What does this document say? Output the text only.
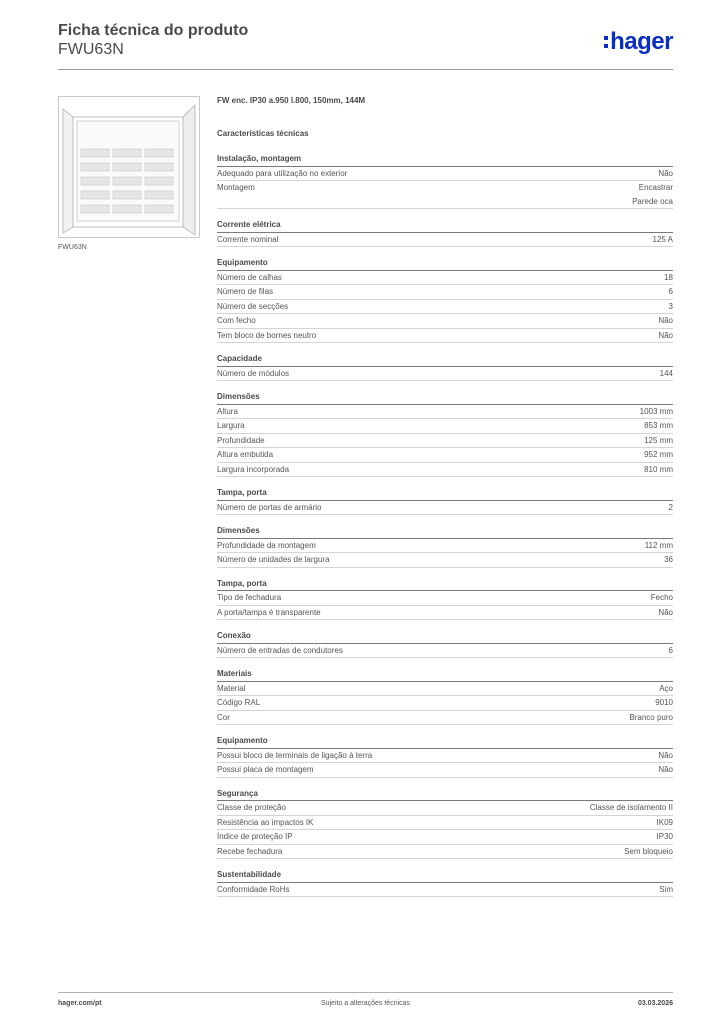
Ficha técnica do produto
FWU63N	hager
FWU63N
FW enc. IP30 a.950 l.800, 150mm, 144M
Características técnicas
Instalação, montagem
Adequado para utilização no exterior	Não
Montagem	Encastrar
Parede oca
Corrente elétrica
Corrente nominal	125 A
Equipamento
Número de calhas	18
Número de filas	6
Número de secções	3
Com fecho	Não
Tem bloco de bornes neutro	Não
Capacidade
Número de módulos	144
Dimensões
Altura	1003 mm
Largura	853 mm
Profundidade	125 mm
Altura embutida	952 mm
Largura incorporada	810 mm
Tampa, porta
Número de portas de armário	2
Dimensões
Profundidade da montagem	112 mm
Número de unidades de largura	36
Tampa, porta
Tipo de fechadura	Fecho
A porta/tampa é transparente	Não
Conexão
Número de entradas de condutores	6
Materiais
Material	Aço
Código RAL	9010
Cor	Branco puro
Equipamento
Possui bloco de terminais de ligação à terra	Não
Possui placa de montagem	Não
Segurança
Classe de proteção	Classe de isolamento II
Resistência ao impactos IK	IK09
Índice de proteção IP	IP30
Recebe fechadura	Sem bloqueio
Sustentabilidade
Conformidade RoHs	Sim
hager.com/pt	Sujeito a alterações técnicas	03.03.2026
